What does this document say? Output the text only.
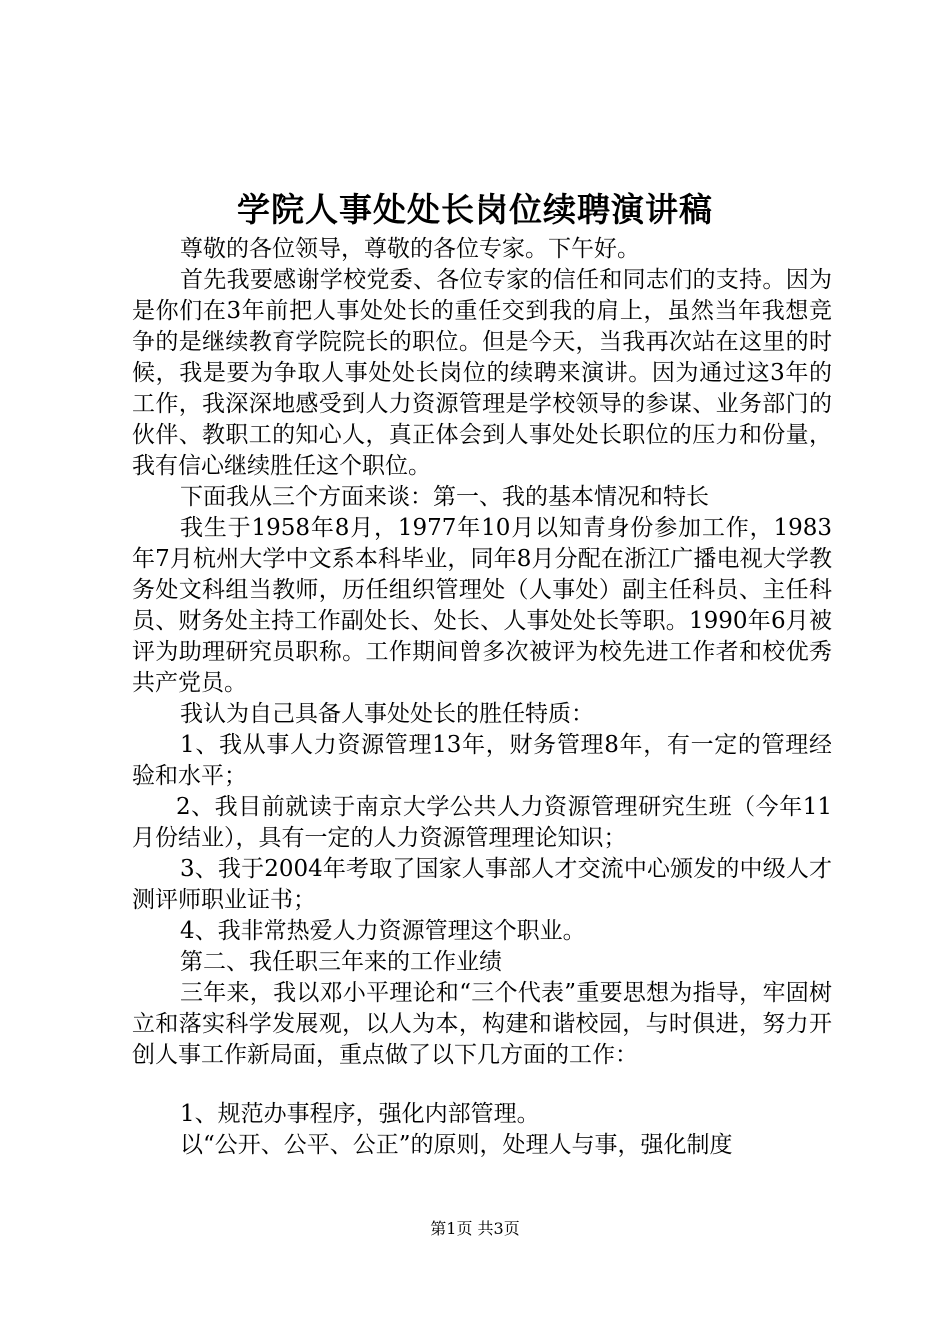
学院人事处处长岗位续聘演讲稿

尊敬的各位领导，尊敬的各位专家。下午好。

首先我要感谢学校党委、各位专家的信任和同志们的支持。因为是你们在3年前把人事处处长的重任交到我的肩上，虽然当年我想竞争的是继续教育学院院长的职位。但是今天，当我再次站在这里的时候，我是要为争取人事处处长岗位的续聘来演讲。因为通过这3年的工作，我深深地感受到人力资源管理是学校领导的参谋、业务部门的伙伴、教职工的知心人，真正体会到人事处处长职位的压力和份量，我有信心继续胜任这个职位。

下面我从三个方面来谈：第一、我的基本情况和特长

我生于1958年8月，1977年10月以知青身份参加工作，1983年7月杭州大学中文系本科毕业，同年8月分配在浙江广播电视大学教务处文科组当教师，历任组织管理处（人事处）副主任科员、主任科员、财务处主持工作副处长、处长、人事处处长等职。1990年6月被评为助理研究员职称。工作期间曾多次被评为校先进工作者和校优秀共产党员。

我认为自己具备人事处处长的胜任特质：

1、我从事人力资源管理13年，财务管理8年，有一定的管理经验和水平；

2、我目前就读于南京大学公共人力资源管理研究生班（今年11月份结业），具有一定的人力资源管理理论知识；

3、我于2004年考取了国家人事部人才交流中心颁发的中级人才测评师职业证书；

4、我非常热爱人力资源管理这个职业。

第二、我任职三年来的工作业绩

三年来，我以邓小平理论和“三个代表”重要思想为指导，牢固树立和落实科学发展观，以人为本，构建和谐校园，与时俱进，努力开创人事工作新局面，重点做了以下几方面的工作：

1、规范办事程序，强化内部管理。

以“公开、公平、公正”的原则，处理人与事，强化制度

第1页 共3页
